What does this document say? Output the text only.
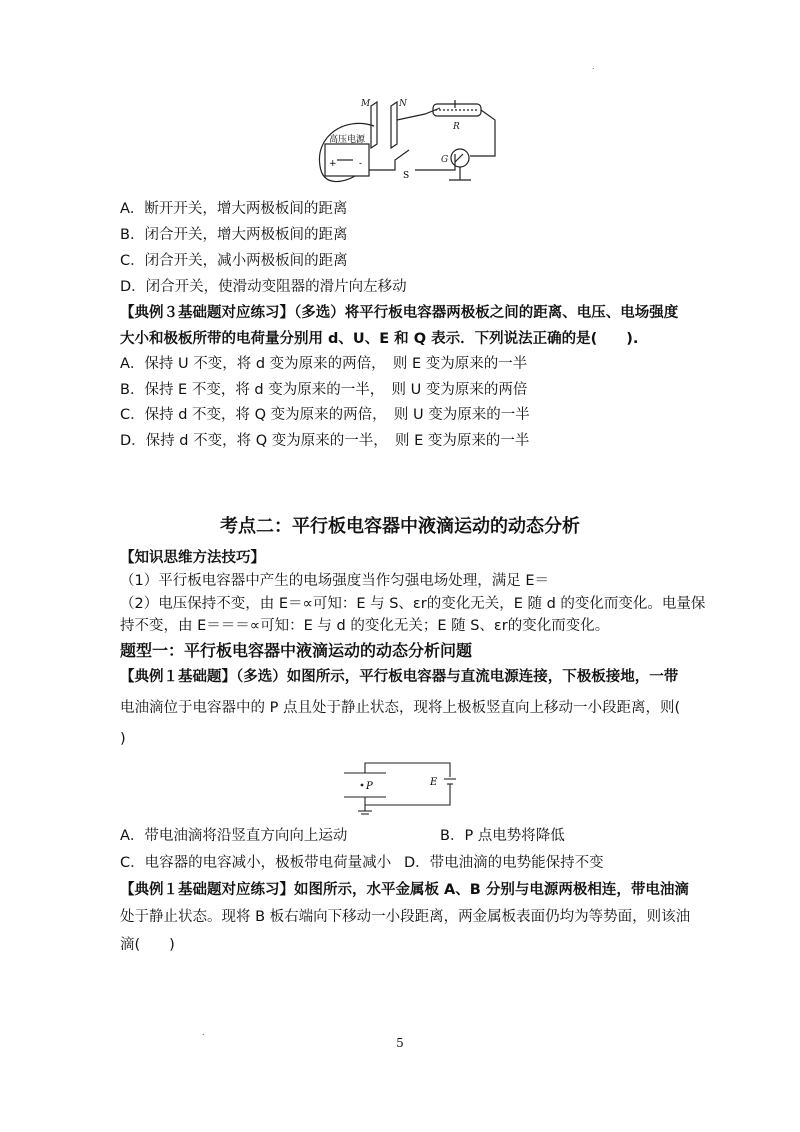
.
M	N
R
G
S
高压电源
+ -
A．断开开关，增大两极板间的距离
B．闭合开关，增大两极板间的距离
C．闭合开关，减小两极板间的距离
D．闭合开关，使滑动变阻器的滑片向左移动
【典例３基础题对应练习】（多选）将平行板电容器两极板之间的距离、电压、电场强度
大小和极板所带的电荷量分别用 d、U、E 和 Q 表示．下列说法正确的是(　　).
A．保持 U 不变，将 d 变为原来的两倍，　则 E 变为原来的一半
B．保持 E 不变，将 d 变为原来的一半，　则 U 变为原来的两倍
C．保持 d 不变，将 Q 变为原来的两倍，　则 U 变为原来的一半
D．保持 d 不变，将 Q 变为原来的一半，　则 E 变为原来的一半
考点二：平行板电容器中液滴运动的动态分析
【知识思维方法技巧】
（1）平行板电容器中产生的电场强度当作匀强电场处理，满足 E＝
（2）电压保持不变，由 E＝∝可知：E 与 S、εr的变化无关，E 随 d 的变化而变化。电量保
持不变，由 E＝＝＝∝可知：E 与 d 的变化无关；E 随 S、εr的变化而变化。
题型一：平行板电容器中液滴运动的动态分析问题
【典例１基础题】（多选）如图所示，平行板电容器与直流电源连接，下极板接地，一带
电油滴位于电容器中的 P 点且处于静止状态，现将上极板竖直向上移动一小段距离，则(
)
P	E
A．带电油滴将沿竖直方向向上运动	B．P 点电势将降低
C．电容器的电容减小，极板带电荷量减小 D．带电油滴的电势能保持不变
【典例１基础题对应练习】如图所示，水平金属板 A、B 分别与电源两极相连，带电油滴
处于静止状态。现将 B 板右端向下移动一小段距离，两金属板表面仍均为等势面，则该油
滴(　　)
.
5
